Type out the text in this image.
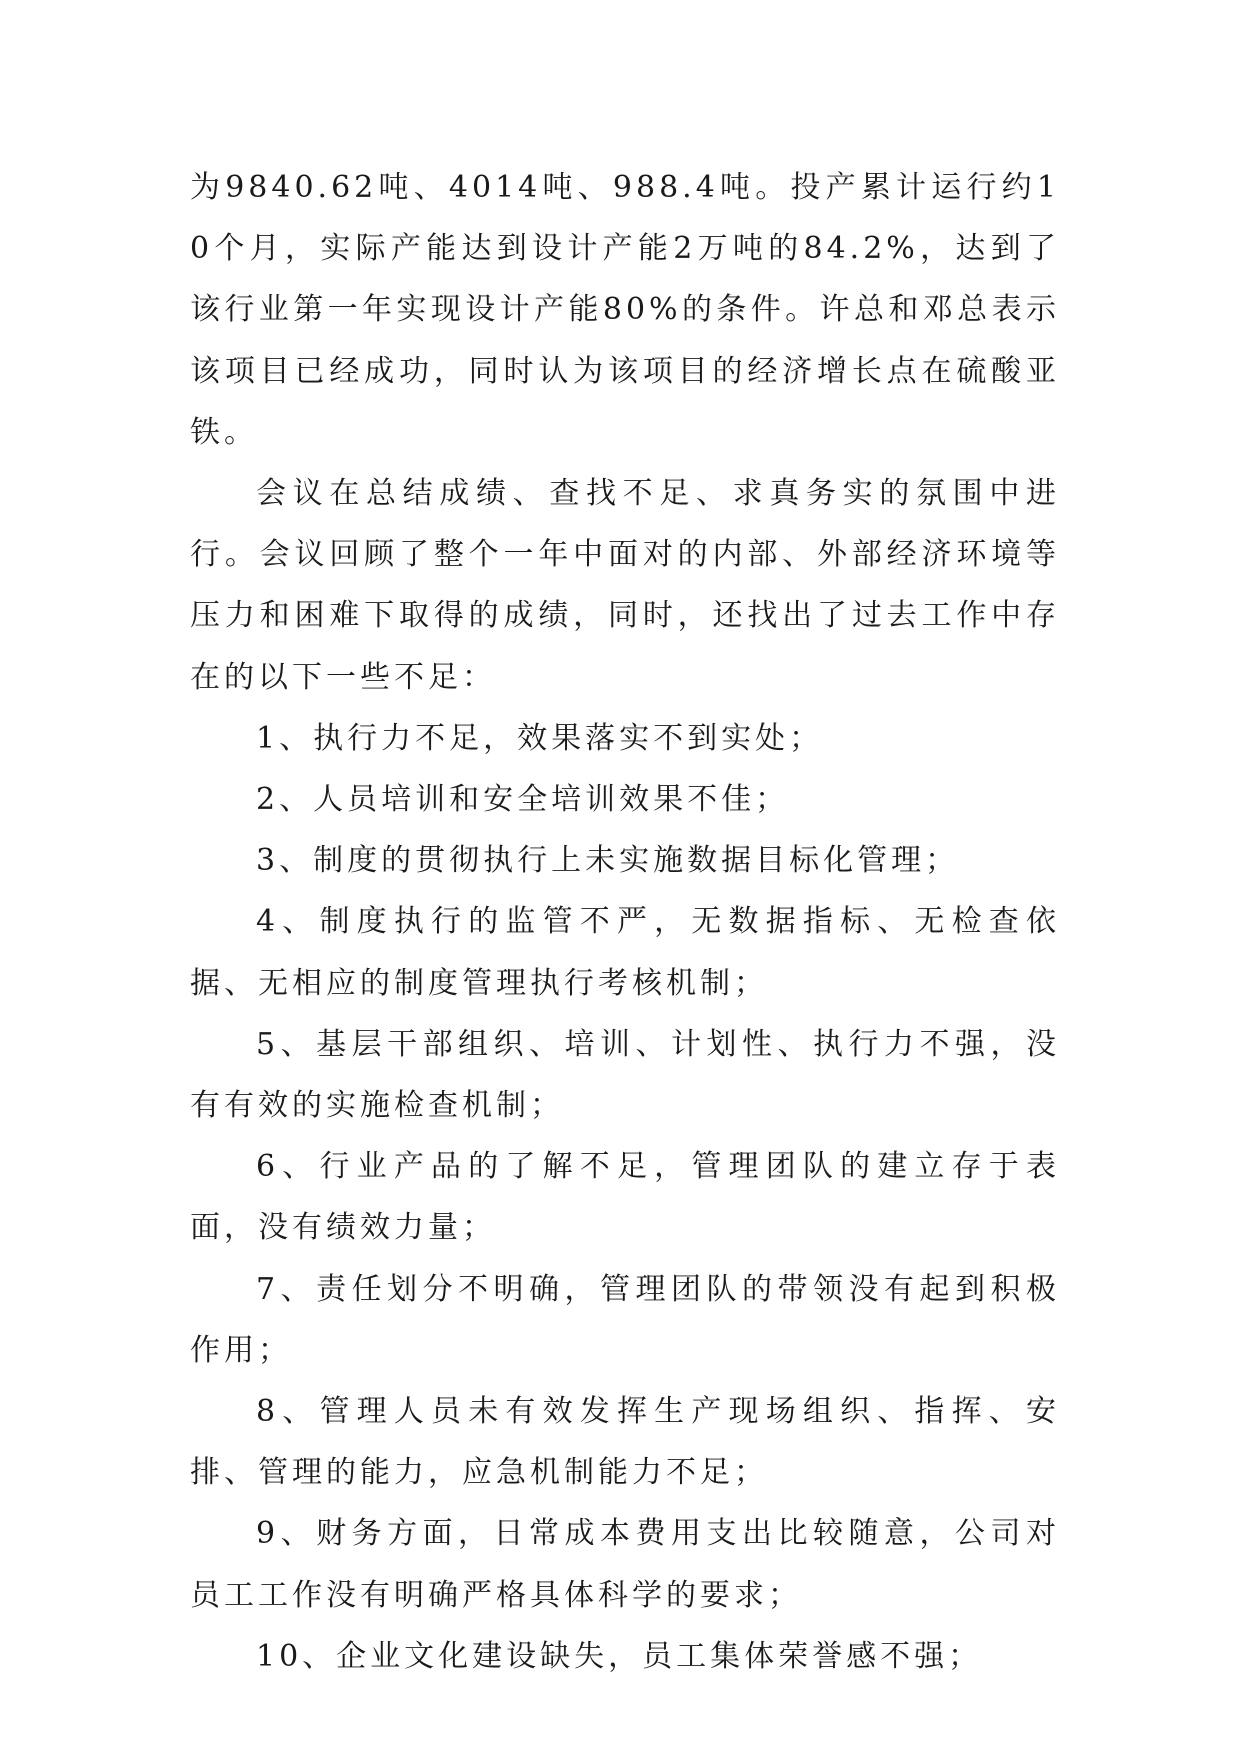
为9840.62吨、4014吨、988.4吨。投产累计运行约10个月，实际产能达到设计产能2万吨的84.2%，达到了该行业第一年实现设计产能80%的条件。许总和邓总表示该项目已经成功，同时认为该项目的经济增长点在硫酸亚铁。

会议在总结成绩、查找不足、求真务实的氛围中进行。会议回顾了整个一年中面对的内部、外部经济环境等压力和困难下取得的成绩，同时，还找出了过去工作中存在的以下一些不足：

1、执行力不足，效果落实不到实处；

2、人员培训和安全培训效果不佳；

3、制度的贯彻执行上未实施数据目标化管理；

4、制度执行的监管不严，无数据指标、无检查依据、无相应的制度管理执行考核机制；

5、基层干部组织、培训、计划性、执行力不强，没有有效的实施检查机制；

6、行业产品的了解不足，管理团队的建立存于表面，没有绩效力量；

7、责任划分不明确，管理团队的带领没有起到积极作用；

8、管理人员未有效发挥生产现场组织、指挥、安排、管理的能力，应急机制能力不足；

9、财务方面，日常成本费用支出比较随意，公司对员工工作没有明确严格具体科学的要求；

10、企业文化建设缺失，员工集体荣誉感不强；
